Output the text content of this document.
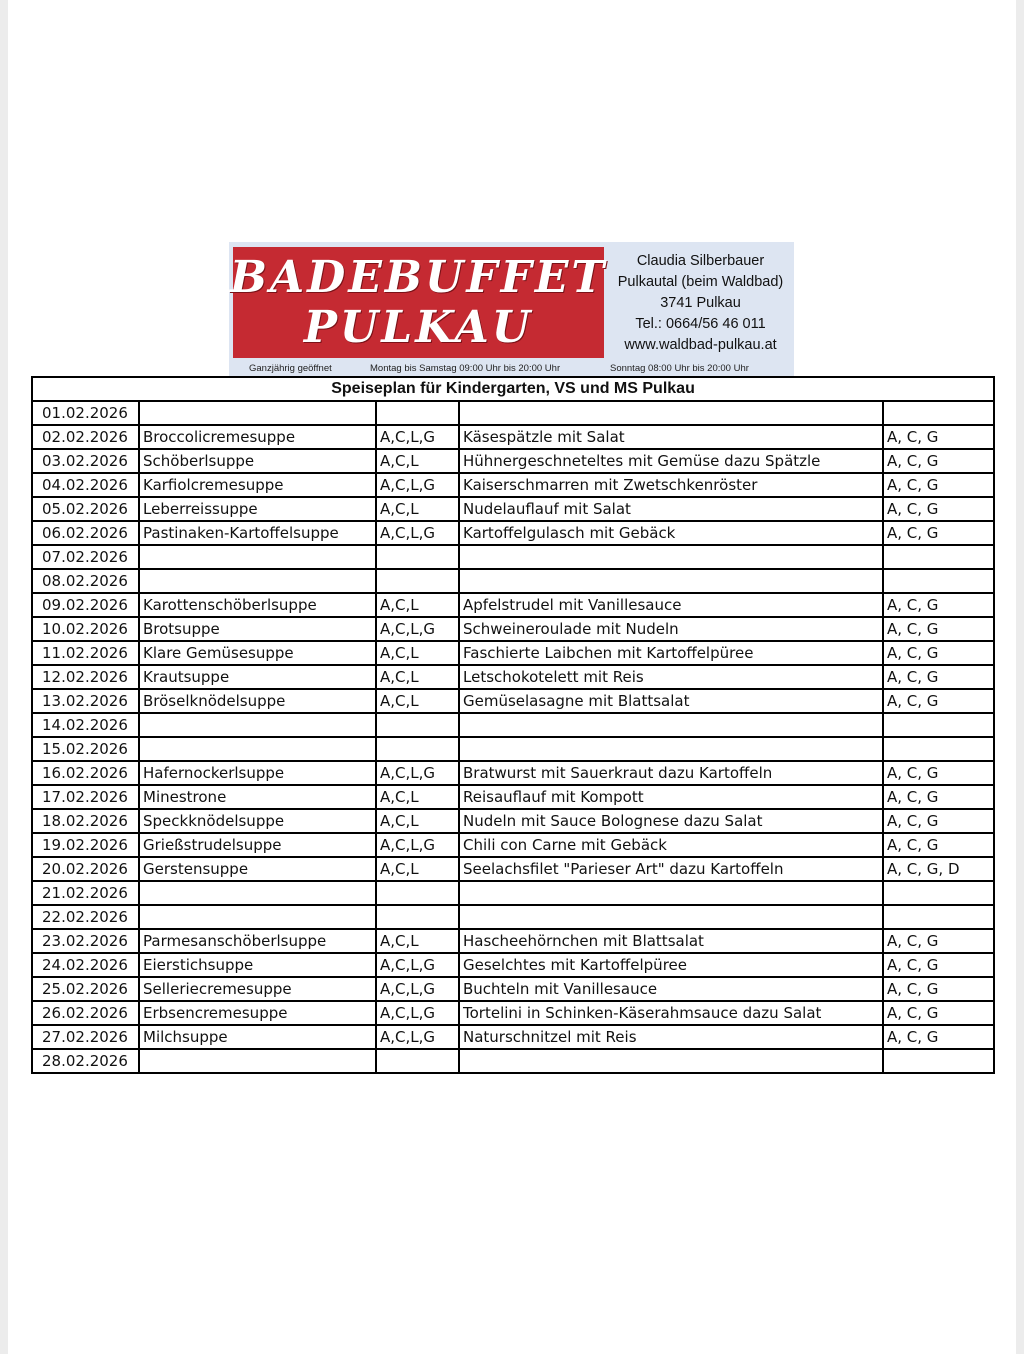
BADEBUFFET
PULKAU
Claudia Silberbauer
Pulkautal (beim Waldbad)
3741 Pulkau
Tel.: 0664/56 46 011
www.waldbad-pulkau.at
Ganzjährig geöffnet	Montag bis Samstag 09:00 Uhr bis 20:00 Uhr	Sonntag 08:00 Uhr bis 20:00 Uhr
Speiseplan für Kindergarten, VS und MS Pulkau				
01.02.2026				
02.02.2026	Broccolicremesuppe	A,C,L,G	Käsespätzle mit Salat	A, C, G
03.02.2026	Schöberlsuppe	A,C,L	Hühnergeschneteltes mit Gemüse dazu Spätzle	A, C, G
04.02.2026	Karfiolcremesuppe	A,C,L,G	Kaiserschmarren mit Zwetschkenröster	A, C, G
05.02.2026	Leberreissuppe	A,C,L	Nudelauflauf mit Salat	A, C, G
06.02.2026	Pastinaken-Kartoffelsuppe	A,C,L,G	Kartoffelgulasch mit Gebäck	A, C, G
07.02.2026				
08.02.2026				
09.02.2026	Karottenschöberlsuppe	A,C,L	Apfelstrudel mit Vanillesauce	A, C, G
10.02.2026	Brotsuppe	A,C,L,G	Schweineroulade mit Nudeln	A, C, G
11.02.2026	Klare Gemüsesuppe	A,C,L	Faschierte Laibchen mit Kartoffelpüree	A, C, G
12.02.2026	Krautsuppe	A,C,L	Letschokotelett mit Reis	A, C, G
13.02.2026	Bröselknödelsuppe	A,C,L	Gemüselasagne mit Blattsalat	A, C, G
14.02.2026				
15.02.2026				
16.02.2026	Hafernockerlsuppe	A,C,L,G	Bratwurst mit Sauerkraut dazu Kartoffeln	A, C, G
17.02.2026	Minestrone	A,C,L	Reisauflauf mit Kompott	A, C, G
18.02.2026	Speckknödelsuppe	A,C,L	Nudeln mit Sauce Bolognese dazu Salat	A, C, G
19.02.2026	Grießstrudelsuppe	A,C,L,G	Chili con Carne mit Gebäck	A, C, G
20.02.2026	Gerstensuppe	A,C,L	Seelachsfilet "Parieser Art" dazu Kartoffeln	A, C, G, D
21.02.2026				
22.02.2026				
23.02.2026	Parmesanschöberlsuppe	A,C,L	Hascheehörnchen mit Blattsalat	A, C, G
24.02.2026	Eierstichsuppe	A,C,L,G	Geselchtes mit Kartoffelpüree	A, C, G
25.02.2026	Selleriecremesuppe	A,C,L,G	Buchteln mit Vanillesauce	A, C, G
26.02.2026	Erbsencremesuppe	A,C,L,G	Tortelini in Schinken-Käserahmsauce dazu Salat	A, C, G
27.02.2026	Milchsuppe	A,C,L,G	Naturschnitzel mit Reis	A, C, G
28.02.2026				
